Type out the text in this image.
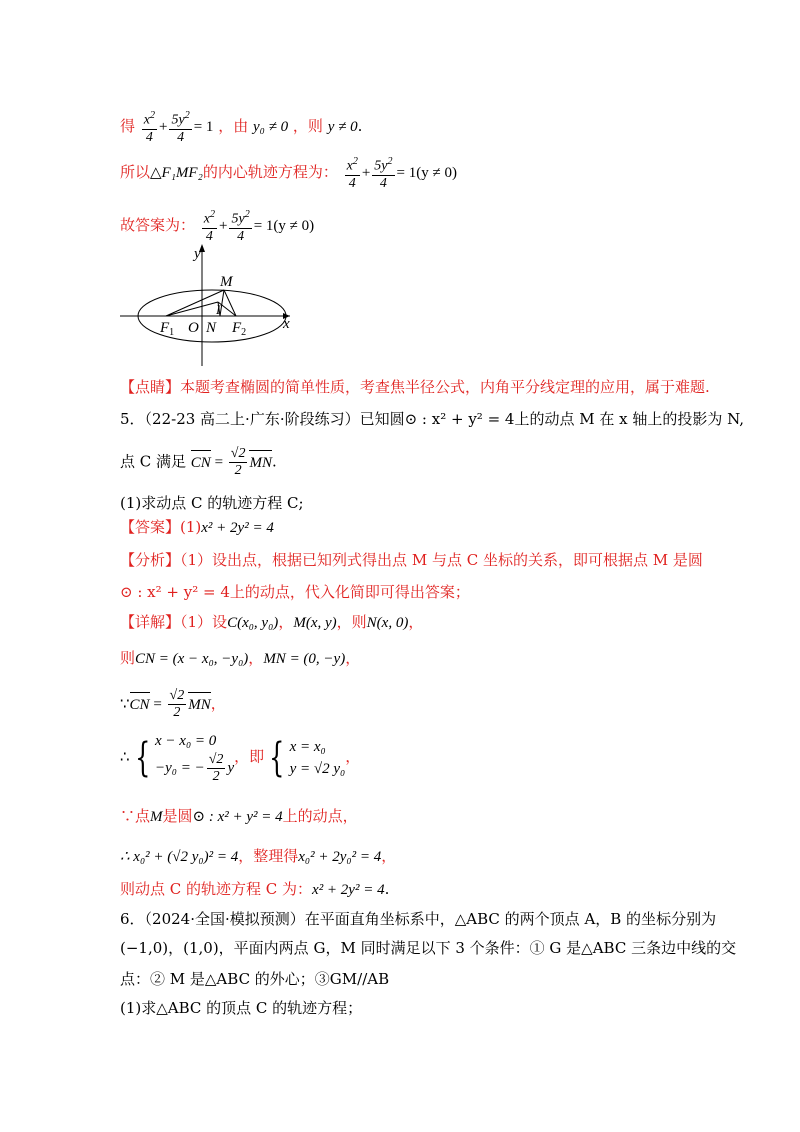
得 $\frac{x^2}{4} + \frac{5y^2}{4} = 1$ ，由 y₀ ≠ 0 ，则 y ≠ 0.
所以△F₁MF₂的内心轨迹方程为： $\frac{x^2}{4} + \frac{5y^2}{4} = 1(y \ne 0)$
故答案为： $\frac{x^2}{4} + \frac{5y^2}{4} = 1(y \ne 0)$
y
x
M
I
$F_1$ O N $F_2$
【点睛】本题考查椭圆的简单性质，考查焦半径公式，内角平分线定理的应用，属于难题.
5．（22-23 高二上·广东·阶段练习）已知圆⊙ : x² + y² = 4上的动点 M 在 x 轴上的投影为 N,
点 C 满足 CN = $\frac{√2}{2}$ MN.
(1)求动点 C 的轨迹方程 C;
【答案】(1)x² + 2y² = 4
【分析】（1）设出点，根据已知列式得出点 M 与点 C 坐标的关系，即可根据点 M 是圆
⊙ : x² + y² = 4上的动点，代入化简即可得出答案；
【详解】（1）设C(x₀, y₀)，M(x, y)，则N(x, 0)，
则CN = (x − x₀, −y₀)，MN = (0, −y)，
∵CN = $\frac{√2}{2}$ MN，
∴ { x − x₀ = 0
−y₀ = − $\frac{√2}{2}$ y
，即 { x = x₀
y = √2 y₀
，
∵点M是圆⊙ : x² + y² = 4上的动点，
∴ x₀² + (√2 y₀)² = 4，整理得x₀² + 2y₀² = 4，
则动点 C 的轨迹方程 C 为：x² + 2y² = 4.
6．（2024·全国·模拟预测）在平面直角坐标系中，△ABC 的两个顶点 A，B 的坐标分别为
(−1,0)，(1,0)，平面内两点 G，M 同时满足以下 3 个条件：① G 是△ABC 三条边中线的交
点：② M 是△ABC 的外心；③GM//AB
(1)求△ABC 的顶点 C 的轨迹方程；
